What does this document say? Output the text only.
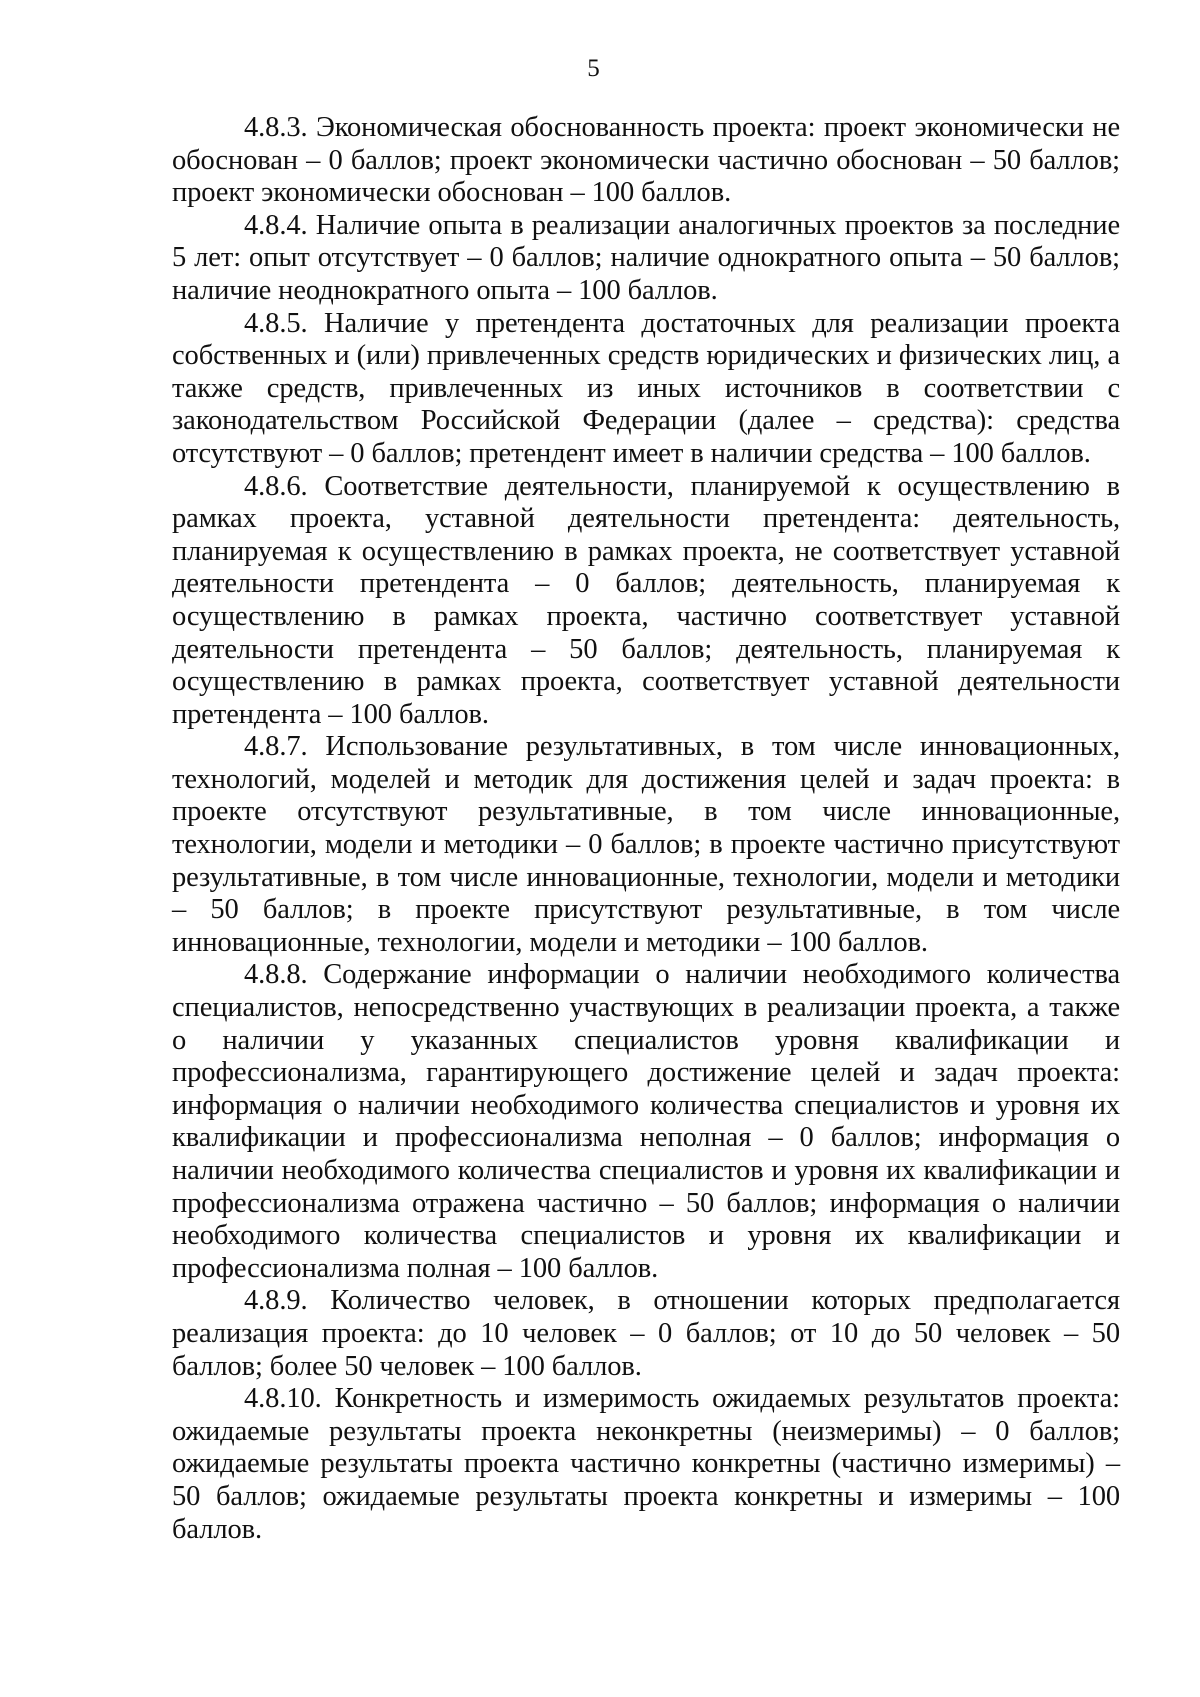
5

4.8.3. Экономическая обоснованность проекта: проект экономически не обоснован – 0 баллов; проект экономически частично обоснован – 50 баллов; проект экономически обоснован – 100 баллов.

4.8.4. Наличие опыта в реализации аналогичных проектов за последние 5 лет: опыт отсутствует – 0 баллов; наличие однократного опыта – 50 баллов; наличие неоднократного опыта – 100 баллов.

4.8.5. Наличие у претендента достаточных для реализации проекта собственных и (или) привлеченных средств юридических и физических лиц, а также средств, привлеченных из иных источников в соответствии с законодательством Российской Федерации (далее – средства): средства отсутствуют – 0 баллов; претендент имеет в наличии средства – 100 баллов.

4.8.6. Соответствие деятельности, планируемой к осуществлению в рамках проекта, уставной деятельности претендента: деятельность, планируемая к осуществлению в рамках проекта, не соответствует уставной деятельности претендента – 0 баллов; деятельность, планируемая к осуществлению в рамках проекта, частично соответствует уставной деятельности претендента – 50 баллов; деятельность, планируемая к осуществлению в рамках проекта, соответствует уставной деятельности претендента – 100 баллов.

4.8.7. Использование результативных, в том числе инновационных, технологий, моделей и методик для достижения целей и задач проекта: в проекте отсутствуют результативные, в том числе инновационные, технологии, модели и методики – 0 баллов; в проекте частично присутствуют результативные, в том числе инновационные, технологии, модели и методики – 50 баллов; в проекте присутствуют результативные, в том числе инновационные, технологии, модели и методики – 100 баллов.

4.8.8. Содержание информации о наличии необходимого количества специалистов, непосредственно участвующих в реализации проекта, а также о наличии у указанных специалистов уровня квалификации и профессионализма, гарантирующего достижение целей и задач проекта: информация о наличии необходимого количества специалистов и уровня их квалификации и профессионализма неполная – 0 баллов; информация о наличии необходимого количества специалистов и уровня их квалификации и профессионализма отражена частично – 50 баллов; информация о наличии необходимого количества специалистов и уровня их квалификации и профессионализма полная – 100 баллов.

4.8.9. Количество человек, в отношении которых предполагается реализация проекта: до 10 человек – 0 баллов; от 10 до 50 человек – 50 баллов; более 50 человек – 100 баллов.

4.8.10. Конкретность и измеримость ожидаемых результатов проекта: ожидаемые результаты проекта неконкретны (неизмеримы) – 0 баллов; ожидаемые результаты проекта частично конкретны (частично измеримы) – 50 баллов; ожидаемые результаты проекта конкретны и измеримы – 100 баллов.
